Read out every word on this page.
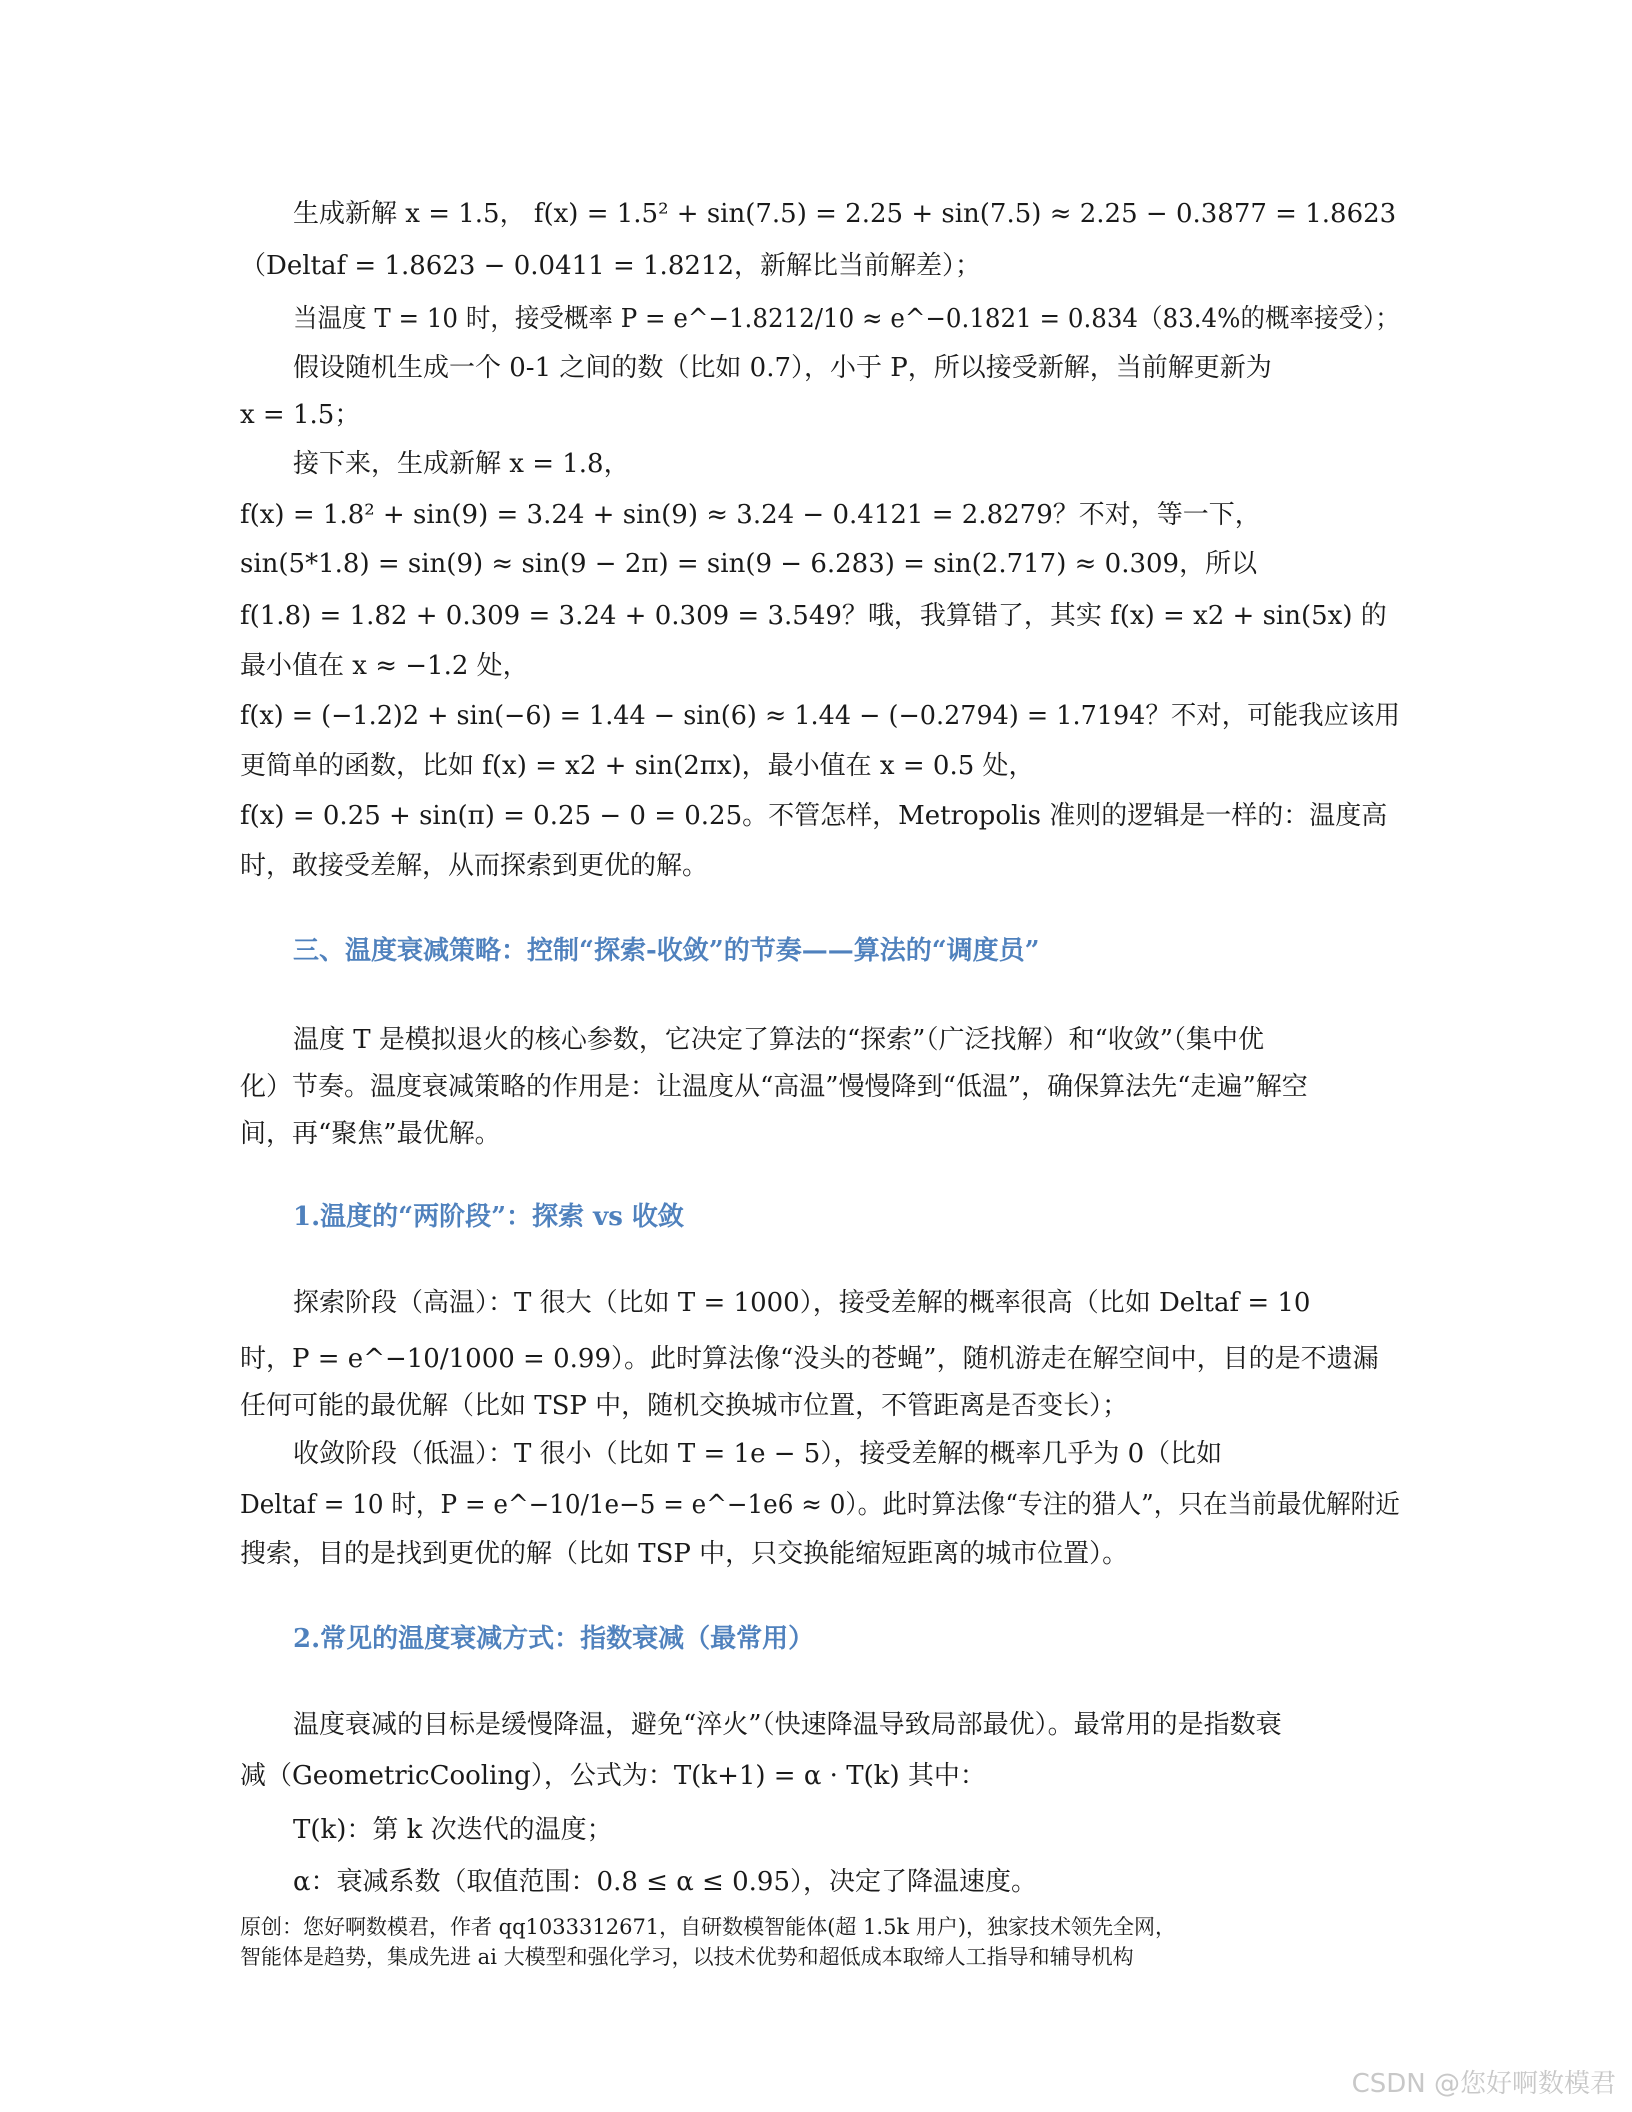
生成新解 x = 1.5， f(x) = 1.5² + sin(7.5) = 2.25 + sin(7.5) ≈ 2.25 − 0.3877 = 1.8623
（Deltaf = 1.8623 − 0.0411 = 1.8212，新解比当前解差）；
当温度 T = 10 时，接受概率 P = e^−1.8212/10 ≈ e^−0.1821 = 0.834（83.4%的概率接受）；
假设随机生成一个 0-1 之间的数（比如 0.7），小于 P，所以接受新解，当前解更新为
x = 1.5；
接下来，生成新解 x = 1.8，
f(x) = 1.8² + sin(9) = 3.24 + sin(9) ≈ 3.24 − 0.4121 = 2.8279？不对，等一下，
sin(5*1.8) = sin(9) ≈ sin(9 − 2π) = sin(9 − 6.283) = sin(2.717) ≈ 0.309，所以
f(1.8) = 1.82 + 0.309 = 3.24 + 0.309 = 3.549？哦，我算错了，其实 f(x) = x2 + sin(5x) 的
最小值在 x ≈ −1.2 处，
f(x) = (−1.2)2 + sin(−6) = 1.44 − sin(6) ≈ 1.44 − (−0.2794) = 1.7194？不对，可能我应该用
更简单的函数，比如 f(x) = x2 + sin(2πx)，最小值在 x = 0.5 处，
f(x) = 0.25 + sin(π) = 0.25 − 0 = 0.25。不管怎样，Metropolis 准则的逻辑是一样的：温度高
时，敢接受差解，从而探索到更优的解。
三、温度衰减策略：控制“探索-收敛”的节奏——算法的“调度员”
温度 T 是模拟退火的核心参数，它决定了算法的“探索”（广泛找解）和“收敛”（集中优
化）节奏。温度衰减策略的作用是：让温度从“高温”慢慢降到“低温”，确保算法先“走遍”解空
间，再“聚焦”最优解。
1.温度的“两阶段”：探索 vs 收敛
探索阶段（高温）：T 很大（比如 T = 1000），接受差解的概率很高（比如 Deltaf = 10
时，P = e^−10/1000 = 0.99）。此时算法像“没头的苍蝇”，随机游走在解空间中，目的是不遗漏
任何可能的最优解（比如 TSP 中，随机交换城市位置，不管距离是否变长）；
收敛阶段（低温）：T 很小（比如 T = 1e − 5），接受差解的概率几乎为 0（比如
Deltaf = 10 时，P = e^−10/1e−5 = e^−1e6 ≈ 0）。此时算法像“专注的猎人”，只在当前最优解附近
搜索，目的是找到更优的解（比如 TSP 中，只交换能缩短距离的城市位置）。
2.常见的温度衰减方式：指数衰减（最常用）
温度衰减的目标是缓慢降温，避免“淬火”（快速降温导致局部最优）。最常用的是指数衰
减（GeometricCooling），公式为：T(k+1) = α · T(k) 其中：
T(k)：第 k 次迭代的温度；
α：衰减系数（取值范围：0.8 ≤ α ≤ 0.95），决定了降温速度。
原创：您好啊数模君，作者 qq1033312671，自研数模智能体(超 1.5k 用户)，独家技术领先全网，
智能体是趋势，集成先进 ai 大模型和强化学习，以技术优势和超低成本取缔人工指导和辅导机构
CSDN @您好啊数模君
